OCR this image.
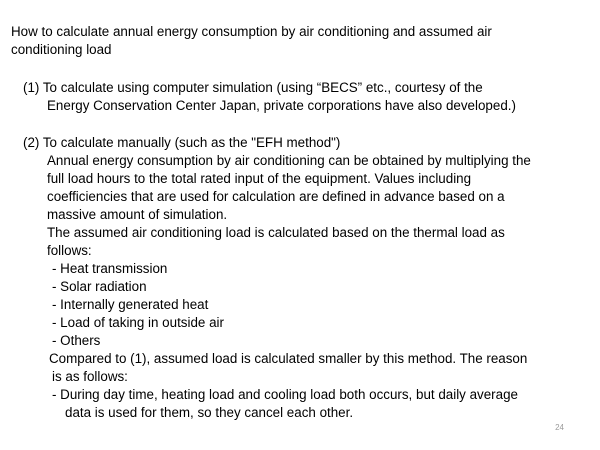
How to calculate annual energy consumption by air conditioning and assumed air

conditioning load

(1) To calculate using computer simulation (using “BECS” etc., courtesy of the

Energy Conservation Center Japan, private corporations have also developed.)

(2) To calculate manually (such as the "EFH method")

Annual energy consumption by air conditioning can be obtained by multiplying the

full load hours to the total rated input of the equipment. Values including

coefficiencies that are used for calculation are defined in advance based on a

massive amount of simulation.

The assumed air conditioning load is calculated based on the thermal load as

follows:

- Heat transmission

- Solar radiation

- Internally generated heat

- Load of taking in outside air

- Others

Compared to (1), assumed load is calculated smaller by this method. The reason

is as follows:

- During day time, heating load and cooling load both occurs, but daily average

data is used for them, so they cancel each other.

24
